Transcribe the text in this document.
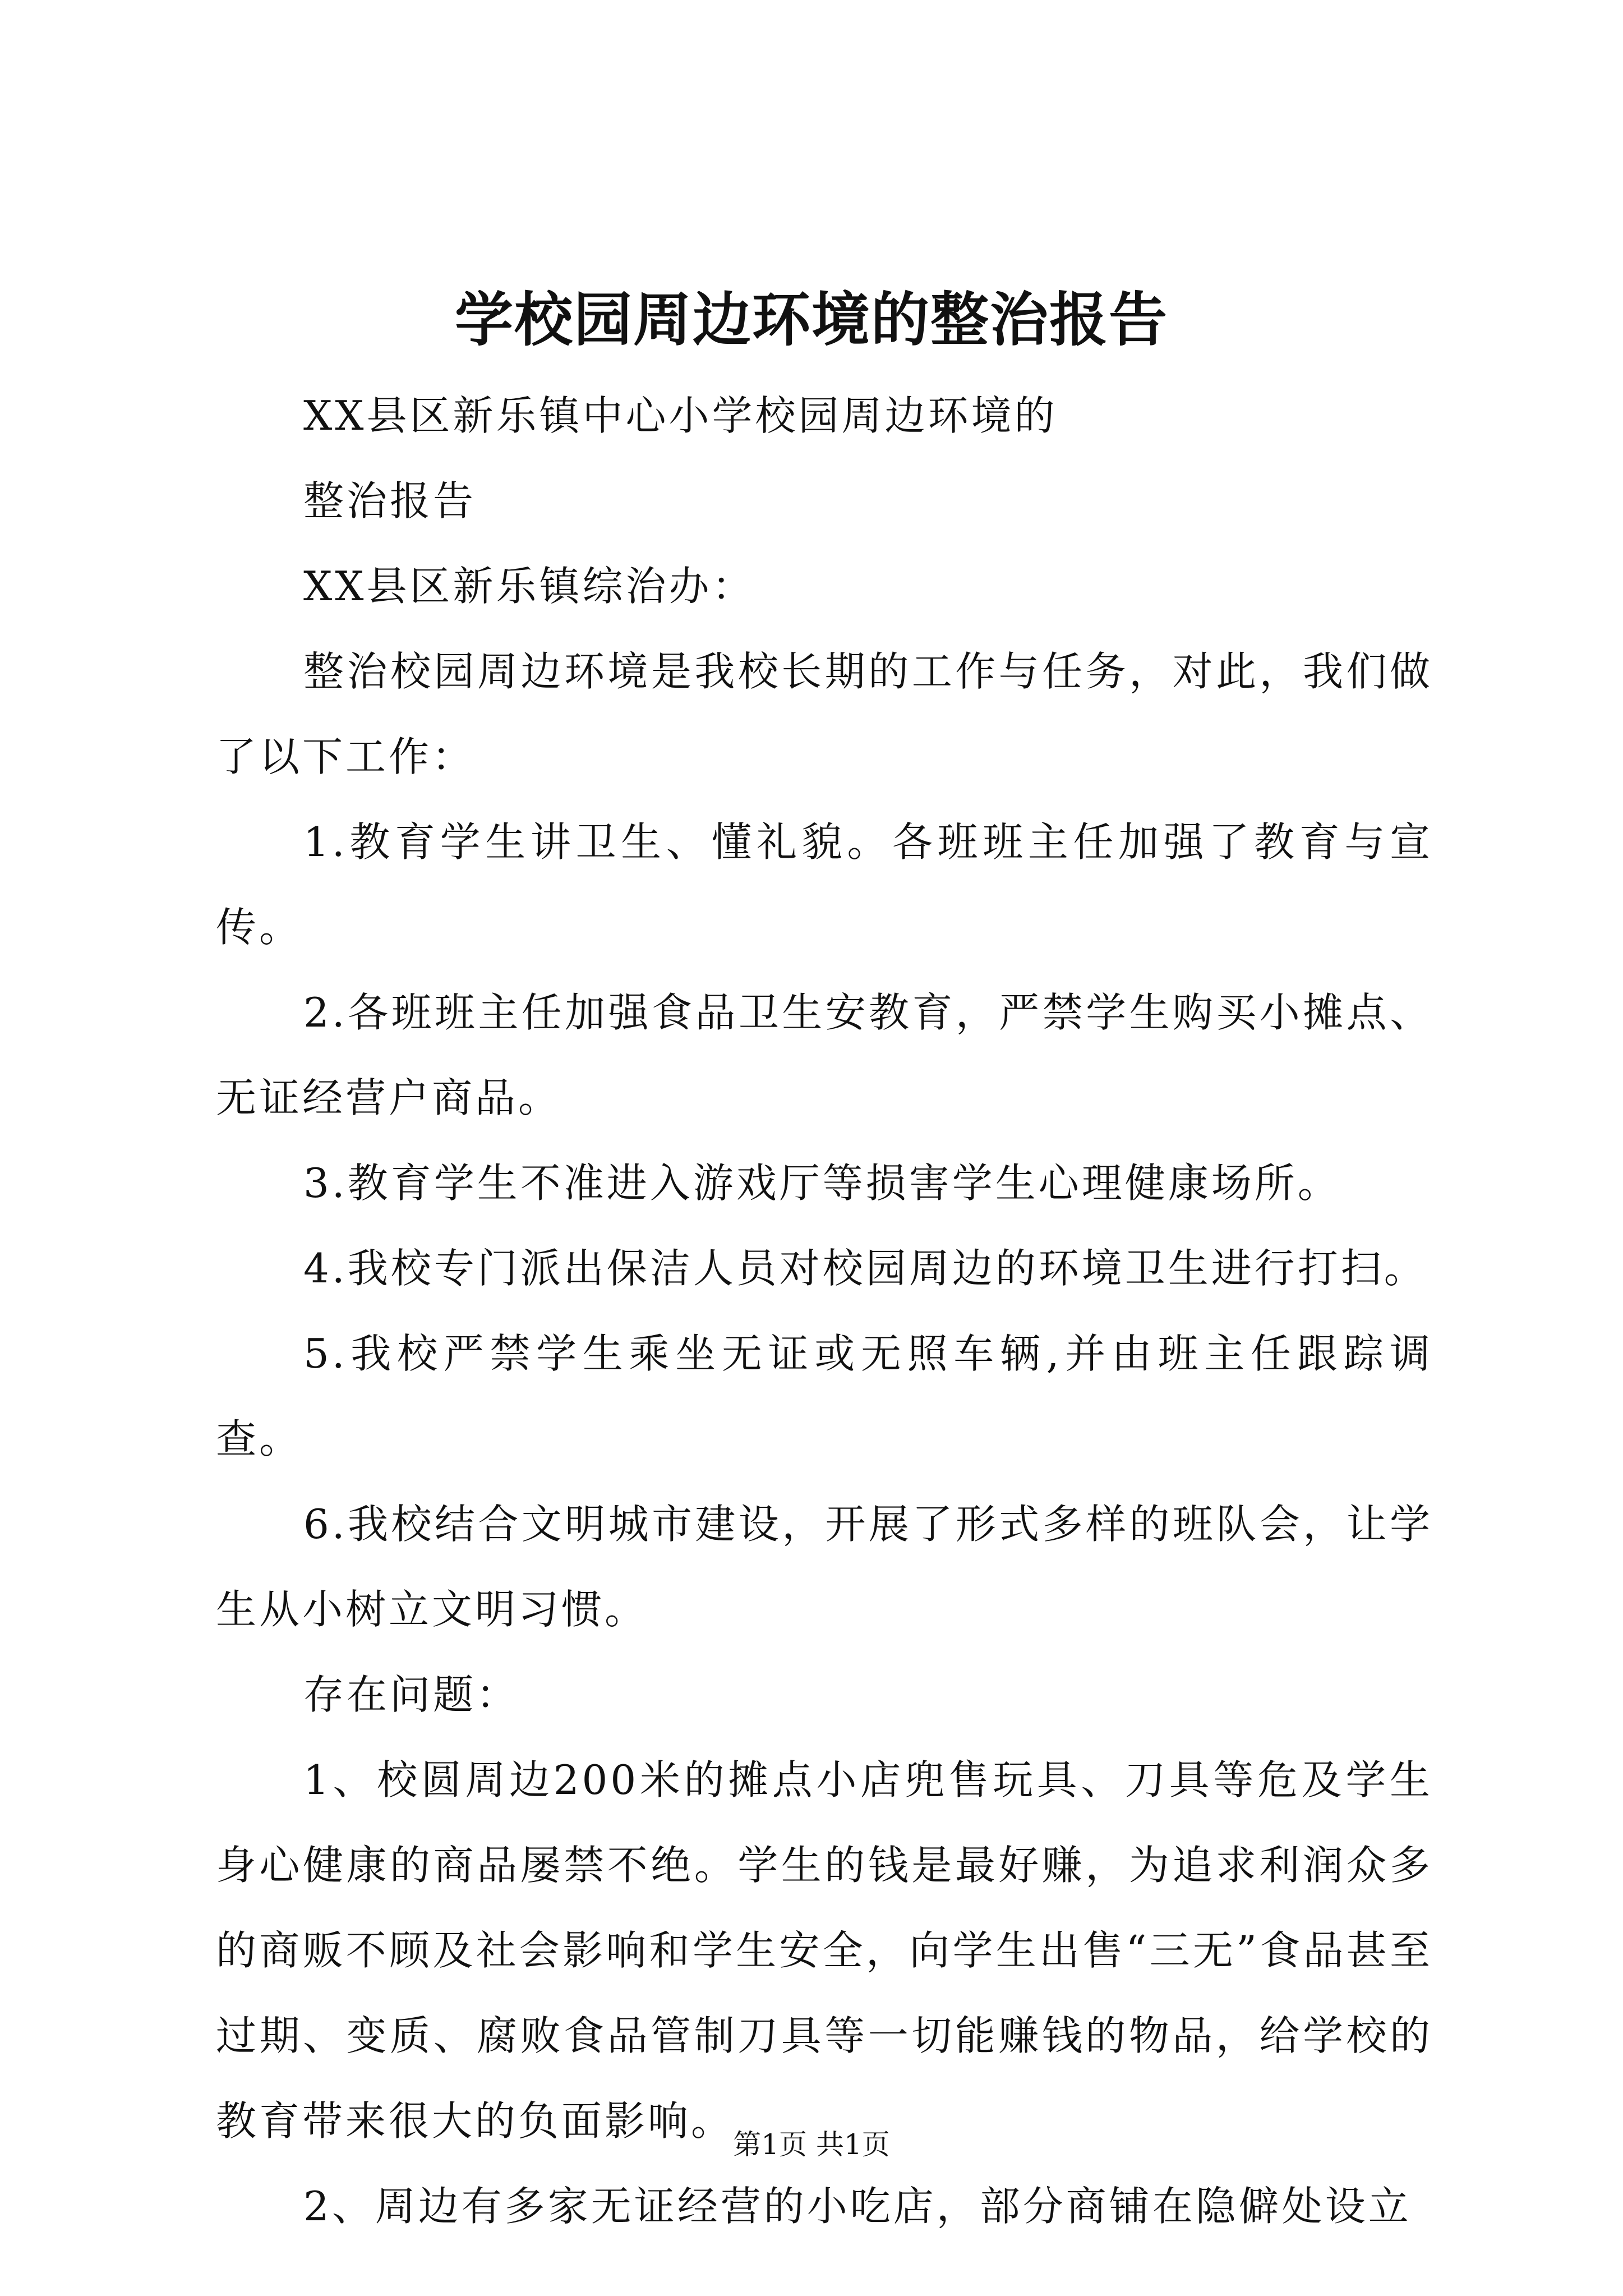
学校园周边环境的整治报告

XX县区新乐镇中心小学校园周边环境的

整治报告

XX县区新乐镇综治办：

整治校园周边环境是我校长期的工作与任务，对此，我们做了以下工作：

1.教育学生讲卫生、懂礼貌。各班班主任加强了教育与宣传。

2.各班班主任加强食品卫生安教育，严禁学生购买小摊点、无证经营户商品。

3.教育学生不准进入游戏厅等损害学生心理健康场所。

4.我校专门派出保洁人员对校园周边的环境卫生进行打扫。

5.我校严禁学生乘坐无证或无照车辆,并由班主任跟踪调查。

6.我校结合文明城市建设，开展了形式多样的班队会，让学生从小树立文明习惯。

存在问题：

1、校圆周边200米的摊点小店兜售玩具、刀具等危及学生身心健康的商品屡禁不绝。学生的钱是最好赚，为追求利润众多的商贩不顾及社会影响和学生安全，向学生出售“三无”食品甚至过期、变质、腐败食品管制刀具等一切能赚钱的物品，给学校的教育带来很大的负面影响。

2、周边有多家无证经营的小吃店，部分商铺在隐僻处设立

第1页 共1页
